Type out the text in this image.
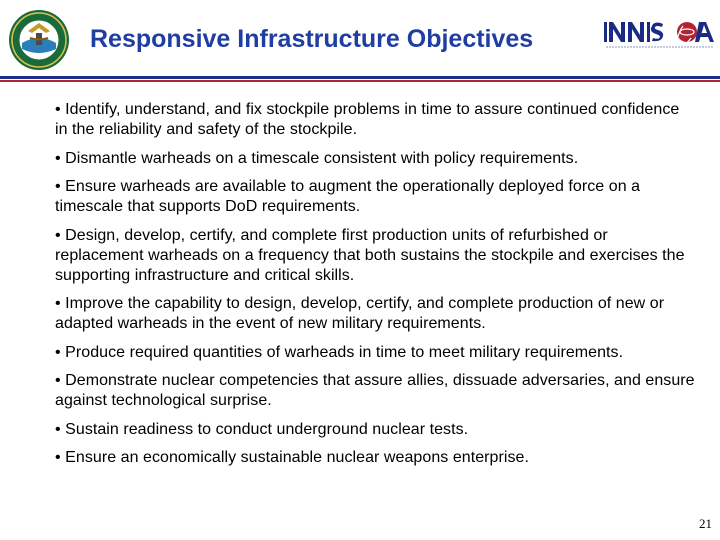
Responsive Infrastructure Objectives
• Identify, understand, and fix stockpile problems in time to assure continued confidence in the reliability and safety of the stockpile.
• Dismantle warheads on a timescale consistent with policy requirements.
• Ensure warheads are available to augment the operationally deployed force on a timescale that supports DoD requirements.
• Design, develop, certify, and complete first production units of refurbished or replacement warheads on a frequency that both sustains the stockpile and exercises the supporting infrastructure and critical skills.
• Improve the capability to design, develop, certify, and complete production of new or adapted warheads in the event of new military requirements.
• Produce required quantities of warheads in time to meet military requirements.
• Demonstrate nuclear competencies that assure allies, dissuade adversaries, and ensure against technological surprise.
• Sustain readiness to conduct underground nuclear tests.
• Ensure an economically sustainable nuclear weapons enterprise.
21
